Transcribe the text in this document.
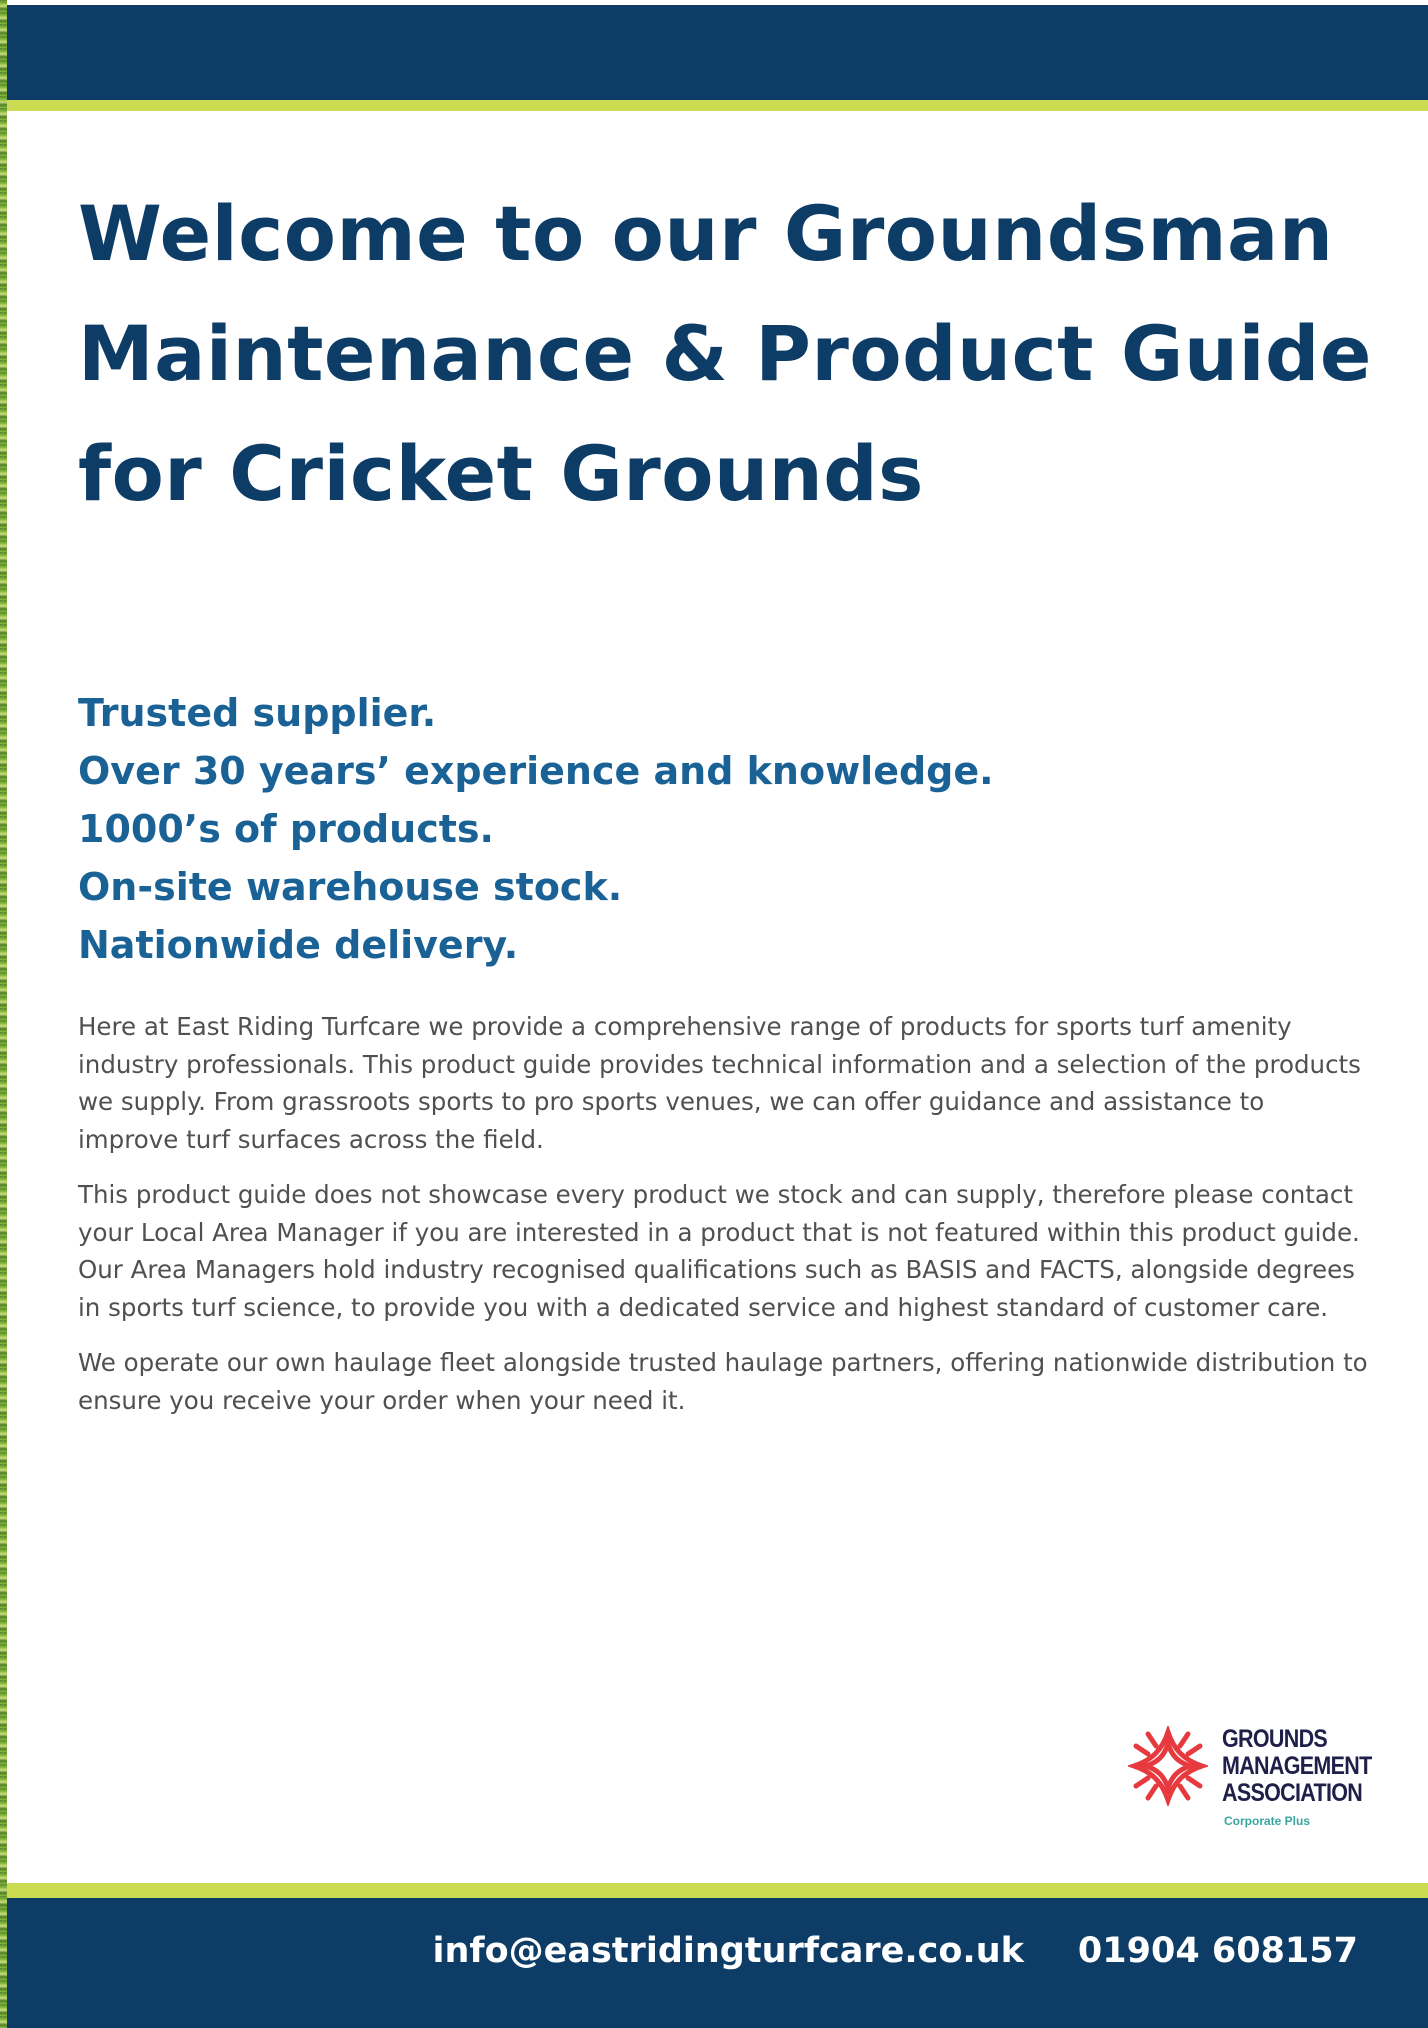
Welcome to our Groundsman
Maintenance & Product Guide
for Cricket Grounds
Trusted supplier.
Over 30 years’ experience and knowledge.
1000’s of products.
On-site warehouse stock.
Nationwide delivery.

Here at East Riding Turfcare we provide a comprehensive range of products for sports turf amenity industry professionals. This product guide provides technical information and a selection of the products we supply. From grassroots sports to pro sports venues, we can offer guidance and assistance to improve turf surfaces across the field.

This product guide does not showcase every product we stock and can supply, therefore please contact your Local Area Manager if you are interested in a product that is not featured within this product guide. Our Area Managers hold industry recognised qualifications such as BASIS and FACTS, alongside degrees in sports turf science, to provide you with a dedicated service and highest standard of customer care.

We operate our own haulage fleet alongside trusted haulage partners, offering nationwide distribution to ensure you receive your order when your need it.

GROUNDS
MANAGEMENT
ASSOCIATION
Corporate Plus
info@eastridingturfcare.co.uk 01904 608157
